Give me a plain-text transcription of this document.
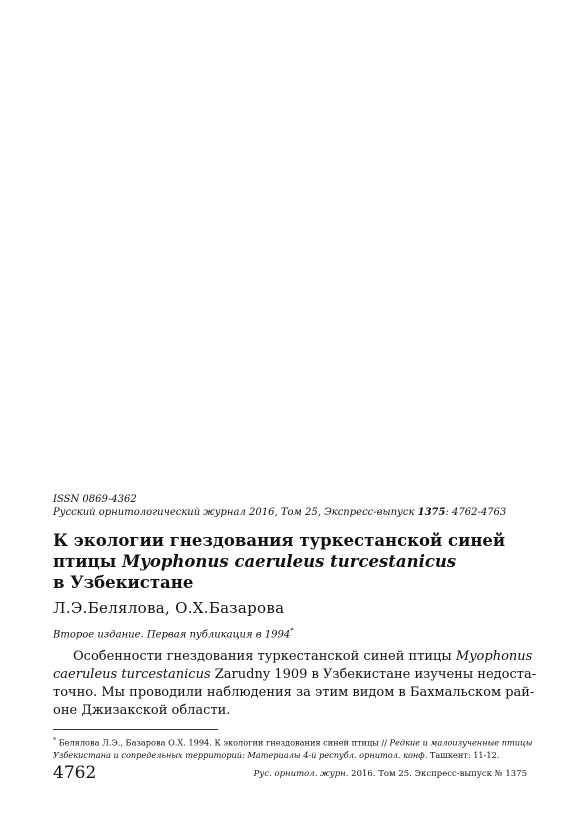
ISSN 0869-4362
Русский орнитологический журнал 2016, Том 25, Экспресс-выпуск 1375: 4762-4763
К экологии гнездования туркестанской синей
птицы Myophonus caeruleus turcestanicus
в Узбекистане
Л.Э.Белялова, О.Х.Базарова
Второе издание. Первая публикация в 1994*
Особенности гнездования туркестанской синей птицы Myophonus
caeruleus turcestanicus Zarudny 1909 в Узбекистане изучены недоста-
точно. Мы проводили наблюдения за этим видом в Бахмальском рай-
оне Джизакской области.
* Белялова Л.Э., Базарова О.Х. 1994. К экологии гнездования синей птицы // Редкие и малоизученные птицы
Узбекистана и сопредельных территорий: Материалы 4-й республ. орнитол. конф. Ташкент: 11-12.
4762	Рус. орнитол. журн. 2016. Том 25. Экспресс-выпуск № 1375
